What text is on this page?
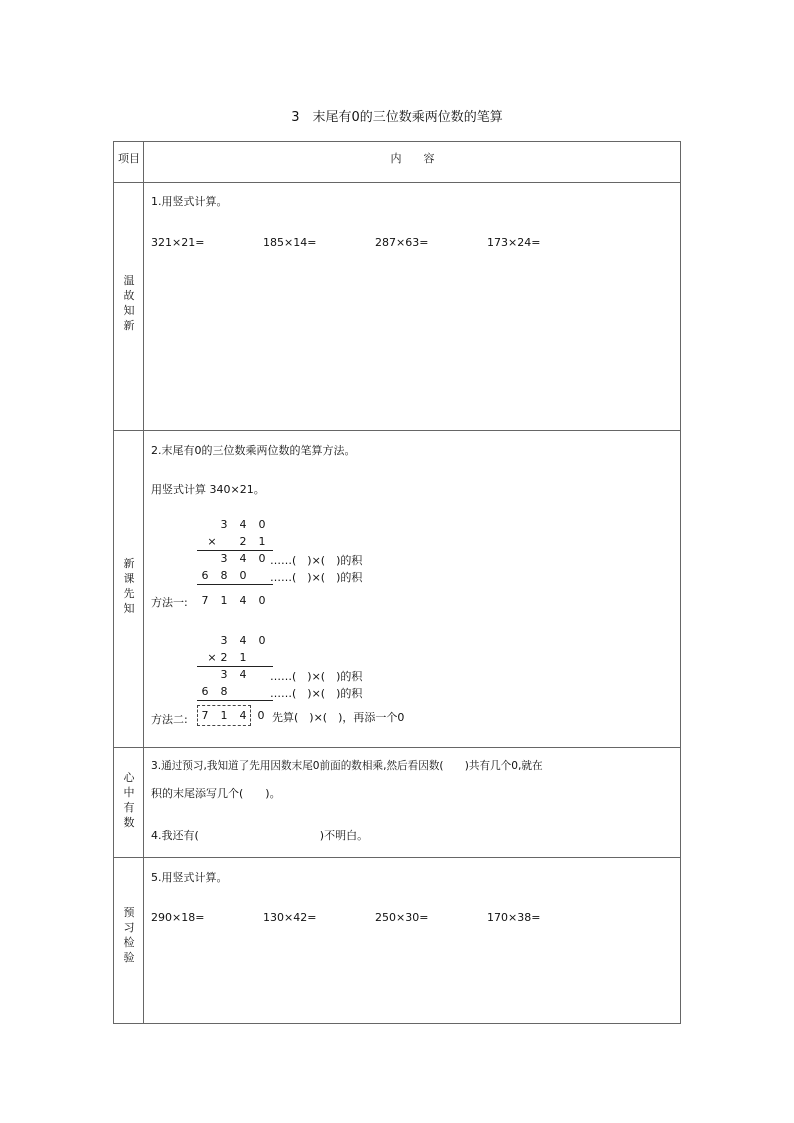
3　末尾有0的三位数乘两位数的笔算
项目	内　　容
温
故
知
新
1.用竖式计算。
321×21=	185×14=	287×63=	173×24=
新
课
先
知
2.末尾有0的三位数乘两位数的笔算方法。
用竖式计算 340×21。
3 4 0
× 2 1
3 4 0 ……(　)×(　)的积
6 8 0 ……(　)×(　)的积
方法一: 7 1 4 0
3 4 0
× 2 1
3 4 ……(　)×(　)的积
6 8	……(　)×(　)的积
方法二: 7 1 4 0 先算(　)×(　)，再添一个0
心
中
有
数
3.通过预习,我知道了先用因数末尾0前面的数相乘,然后看因数(　　)共有几个0,就在
积的末尾添写几个(　　)。
4.我还有(　　　　　　　　　　　)不明白。
预
习
检
验
5.用竖式计算。
290×18=	130×42=	250×30=	170×38=
